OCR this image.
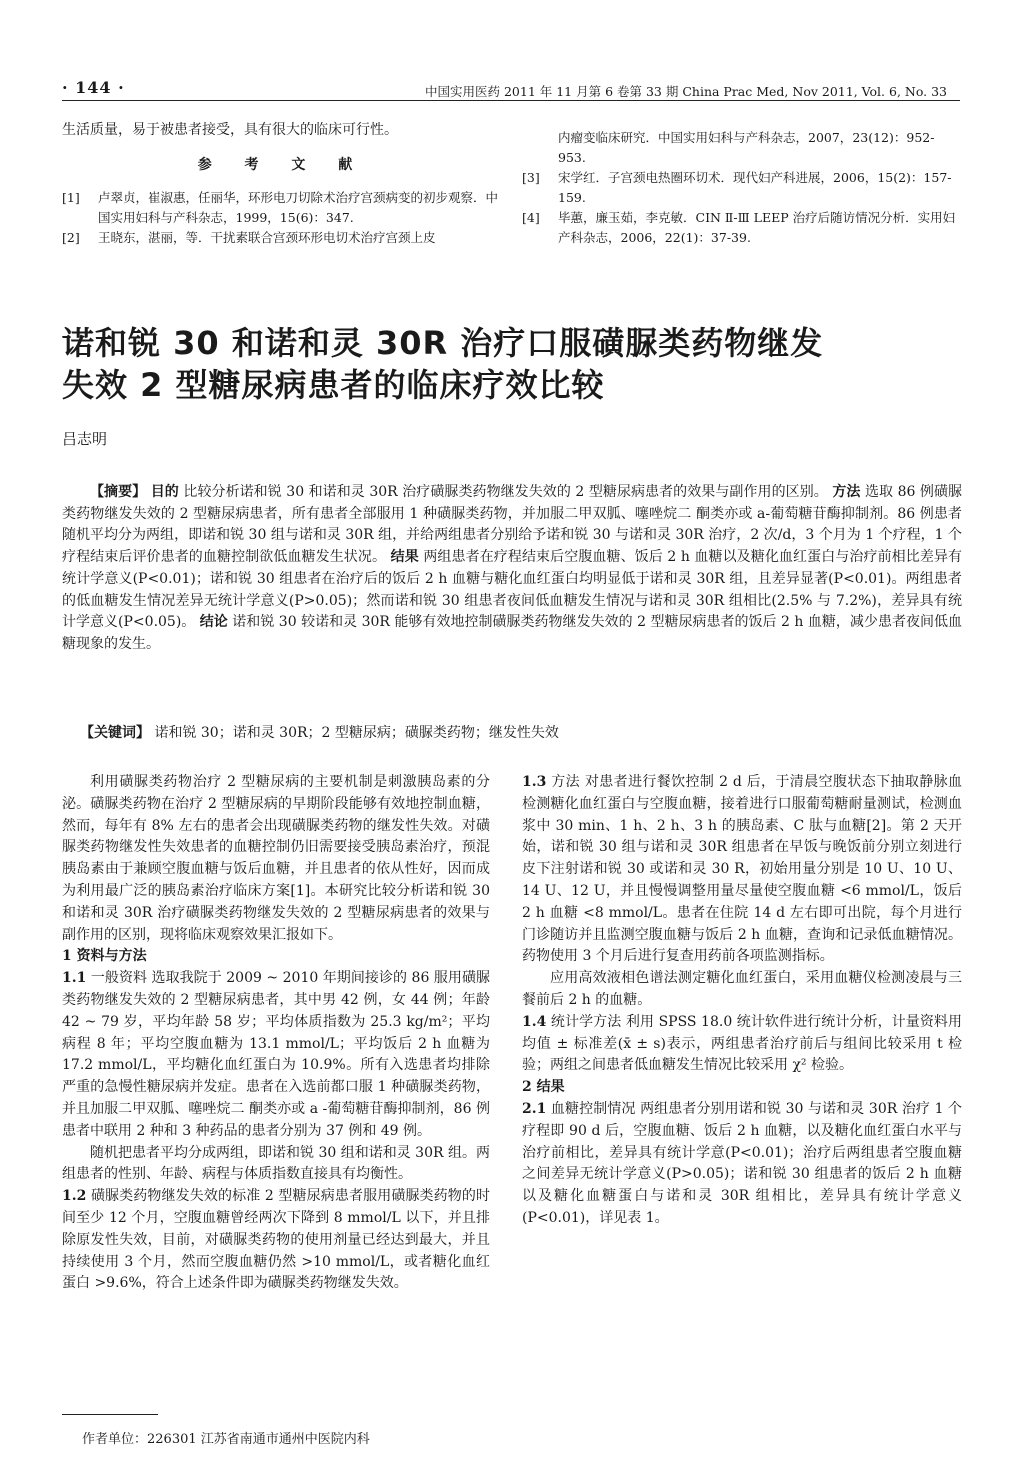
· 144 ·	中国实用医药 2011 年 11 月第 6 卷第 33 期 China Prac Med, Nov 2011, Vol. 6, No. 33
生活质量，易于被患者接受，具有很大的临床可行性。
参 考 文 献
[1]	卢翠贞，崔淑惠，任丽华，环形电刀切除术治疗宫颈病变的初步观察．中国实用妇科与产科杂志，1999，15(6)：347.
[2]	王晓东，湛丽，等．干扰素联合宫颈环形电切术治疗宫颈上皮
内瘤变临床研究．中国实用妇科与产科杂志，2007，23(12)：952-953.
[3]	宋学红．子宫颈电热圈环切术．现代妇产科进展，2006，15(2)：157-159.
[4]	毕蕙，廉玉茹，李克敏．CIN Ⅱ-Ⅲ LEEP 治疗后随访情况分析．实用妇产科杂志，2006，22(1)：37-39.
诺和锐 30 和诺和灵 30R 治疗口服磺脲类药物继发
失效 2 型糖尿病患者的临床疗效比较
吕志明
【摘要】 目的 比较分析诺和锐 30 和诺和灵 30R 治疗磺脲类药物继发失效的 2 型糖尿病患者的效果与副作用的区别。 方法 选取 86 例磺脲类药物继发失效的 2 型糖尿病患者，所有患者全部服用 1 种磺脲类药物，并加服二甲双胍、噻唑烷二 酮类亦或 a-葡萄糖苷酶抑制剂。86 例患者随机平均分为两组，即诺和锐 30 组与诺和灵 30R 组，并给两组患者分别给予诺和锐 30 与诺和灵 30R 治疗，2 次/d，3 个月为 1 个疗程，1 个疗程结束后评价患者的血糖控制欲低血糖发生状况。 结果 两组患者在疗程结束后空腹血糖、饭后 2 h 血糖以及糖化血红蛋白与治疗前相比差异有统计学意义(P<0.01)；诺和锐 30 组患者在治疗后的饭后 2 h 血糖与糖化血红蛋白均明显低于诺和灵 30R 组，且差异显著(P<0.01)。两组患者的低血糖发生情况差异无统计学意义(P>0.05)；然而诺和锐 30 组患者夜间低血糖发生情况与诺和灵 30R 组相比(2.5% 与 7.2%)，差异具有统计学意义(P<0.05)。 结论 诺和锐 30 较诺和灵 30R 能够有效地控制磺脲类药物继发失效的 2 型糖尿病患者的饭后 2 h 血糖，减少患者夜间低血糖现象的发生。
【关键词】 诺和锐 30；诺和灵 30R；2 型糖尿病；磺脲类药物；继发性失效

利用磺脲类药物治疗 2 型糖尿病的主要机制是刺激胰岛素的分泌。磺脲类药物在治疗 2 型糖尿病的早期阶段能够有效地控制血糖，然而，每年有 8% 左右的患者会出现磺脲类药物的继发性失效。对磺脲类药物继发性失效患者的血糖控制仍旧需要接受胰岛素治疗，预混胰岛素由于兼顾空腹血糖与饭后血糖，并且患者的依从性好，因而成为利用最广泛的胰岛素治疗临床方案[1]。本研究比较分析诺和锐 30 和诺和灵 30R 治疗磺脲类药物继发失效的 2 型糖尿病患者的效果与副作用的区别，现将临床观察效果汇报如下。

1 资料与方法

1.1 一般资料 选取我院于 2009 ~ 2010 年期间接诊的 86 服用磺脲类药物继发失效的 2 型糖尿病患者，其中男 42 例，女 44 例；年龄 42 ~ 79 岁，平均年龄 58 岁；平均体质指数为 25.3 kg/m²；平均病程 8 年；平均空腹血糖为 13.1 mmol/L；平均饭后 2 h 血糖为 17.2 mmol/L，平均糖化血红蛋白为 10.9%。所有入选患者均排除严重的急慢性糖尿病并发症。患者在入选前都口服 1 种磺脲类药物，并且加服二甲双胍、噻唑烷二 酮类亦或 a -葡萄糖苷酶抑制剂，86 例患者中联用 2 种和 3 种药品的患者分别为 37 例和 49 例。

随机把患者平均分成两组，即诺和锐 30 组和诺和灵 30R 组。两组患者的性别、年龄、病程与体质指数直接具有均衡性。

1.2 磺脲类药物继发失效的标准 2 型糖尿病患者服用磺脲类药物的时间至少 12 个月，空腹血糖曾经两次下降到 8 mmol/L 以下，并且排除原发性失效，目前，对磺脲类药物的使用剂量已经达到最大，并且持续使用 3 个月，然而空腹血糖仍然 >10 mmol/L，或者糖化血红蛋白 >9.6%，符合上述条件即为磺脲类药物继发失效。

1.3 方法 对患者进行餐饮控制 2 d 后，于清晨空腹状态下抽取静脉血检测糖化血红蛋白与空腹血糖，接着进行口服葡萄糖耐量测试，检测血浆中 30 min、1 h、2 h、3 h 的胰岛素、C 肽与血糖[2]。第 2 天开始，诺和锐 30 组与诺和灵 30R 组患者在早饭与晚饭前分别立刻进行皮下注射诺和锐 30 或诺和灵 30 R，初始用量分别是 10 U、10 U、14 U、12 U，并且慢慢调整用量尽量使空腹血糖 <6 mmol/L，饭后 2 h 血糖 <8 mmol/L。患者在住院 14 d 左右即可出院，每个月进行门诊随访并且监测空腹血糖与饭后 2 h 血糖，查询和记录低血糖情况。药物使用 3 个月后进行复查用药前各项监测指标。

应用高效液相色谱法测定糖化血红蛋白，采用血糖仪检测凌晨与三餐前后 2 h 的血糖。

1.4 统计学方法 利用 SPSS 18.0 统计软件进行统计分析，计量资料用均值 ± 标准差(x̄ ± s)表示，两组患者治疗前后与组间比较采用 t 检验；两组之间患者低血糖发生情况比较采用 χ² 检验。

2 结果

2.1 血糖控制情况 两组患者分别用诺和锐 30 与诺和灵 30R 治疗 1 个疗程即 90 d 后，空腹血糖、饭后 2 h 血糖，以及糖化血红蛋白水平与治疗前相比，差异具有统计学意(P<0.01)；治疗后两组患者空腹血糖之间差异无统计学意义(P>0.05)；诺和锐 30 组患者的饭后 2 h 血糖以及糖化血糖蛋白与诺和灵 30R 组相比，差异具有统计学意义(P<0.01)，详见表 1。

作者单位：226301 江苏省南通市通州中医院内科
